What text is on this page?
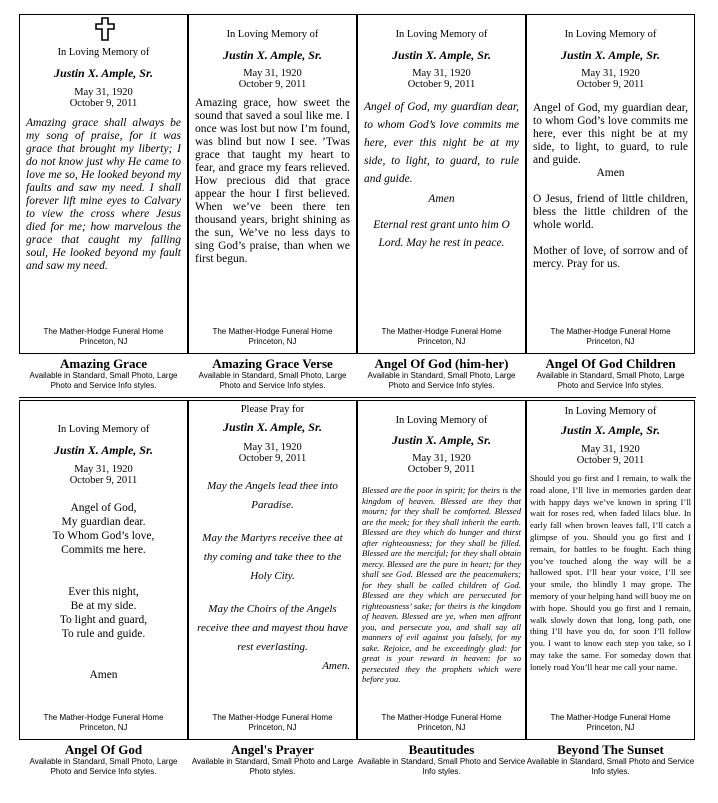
In Loving Memory of
Justin X. Ample, Sr.
May 31, 1920
October 9, 2011

Amazing grace shall always be my song of praise, for it was grace that brought my liberty; I do not know just why He came to love me so, He looked beyond my faults and saw my need. I shall forever lift mine eyes to Calvary to view the cross where Jesus died for me; how marvelous the grace that caught my falling soul, He looked beyond my fault and saw my need.

The Mather-Hodge Funeral Home
Princeton, NJ
In Loving Memory of
Justin X. Ample, Sr.
May 31, 1920
October 9, 2011

Amazing grace, how sweet the sound that saved a soul like me. I once was lost but now I’m found, was blind but now I see. ’Twas grace that taught my heart to fear, and grace my fears relieved. How precious did that grace appear the hour I first believed. When we’ve been there ten thousand years, bright shining as the sun, We’ve no less days to sing God’s praise, than when we first begun.

The Mather-Hodge Funeral Home
Princeton, NJ
In Loving Memory of
Justin X. Ample, Sr.
May 31, 1920
October 9, 2011

Angel of God, my guardian dear, to whom God’s love commits me here, ever this night be at my side, to light, to guard, to rule and guide.

Amen

Eternal rest grant unto him O Lord. May he rest in peace.

The Mather-Hodge Funeral Home
Princeton, NJ
In Loving Memory of
Justin X. Ample, Sr.
May 31, 1920
October 9, 2011

Angel of God, my guardian dear, to whom God’s love commits me here, ever this night be at my side, to light, to guard, to rule and guide.

Amen

O Jesus, friend of little children, bless the little children of the whole world.

Mother of love, of sorrow and of mercy. Pray for us.

The Mather-Hodge Funeral Home
Princeton, NJ
Amazing Grace
Available in Standard, Small Photo, Large Photo and Service Info styles.
Amazing Grace Verse
Available in Standard, Small Photo, Large Photo and Service Info styles.
Angel Of God (him-her)
Available in Standard, Small Photo, Large Photo and Service Info styles.
Angel Of God Children
Available in Standard, Small Photo, Large Photo and Service Info styles.
In Loving Memory of
Justin X. Ample, Sr.
May 31, 1920
October 9, 2011

Angel of God,

My guardian dear.

To Whom God’s love,

Commits me here.

Ever this night,

Be at my side.

To light and guard,

To rule and guide.

Amen

The Mather-Hodge Funeral Home
Princeton, NJ
Please Pray for
Justin X. Ample, Sr.
May 31, 1920
October 9, 2011

May the Angels lead thee into Paradise.

May the Martyrs receive thee at thy coming and take thee to the Holy City.

May the Choirs of the Angels receive thee and mayest thou have rest everlasting.

Amen.

The Mather-Hodge Funeral Home
Princeton, NJ
In Loving Memory of
Justin X. Ample, Sr.
May 31, 1920
October 9, 2011

Blessed are the poor in spirit; for theirs is the kingdom of heaven. Blessed are they that mourn; for they shall be comforted. Blessed are the meek; for they shall inherit the earth. Blessed are they which do hunger and thirst after righteousness; for they shall be filled. Blessed are the merciful; for they shall obtain mercy. Blessed are the pure in heart; for they shall see God. Blessed are the peacemakers; for they shall be called children of God. Blessed are they which are persecuted for righteousness’ sake; for theirs is the kingdom of heaven. Blessed are ye, when men affront you, and persecute you, and shall say all manners of evil against you falsely, for my sake. Rejoice, and be exceedingly glad: for great is your reward in heaven: for so persecuted they the prophets which were before you.

The Mather-Hodge Funeral Home
Princeton, NJ
In Loving Memory of
Justin X. Ample, Sr.
May 31, 1920
October 9, 2011

Should you go first and I remain, to walk the road alone, I’ll live in memories garden dear with happy days we’ve known in spring I’ll wait for roses red, when faded lilacs blue. In early fall when brown leaves fall, I’ll catch a glimpse of you. Should you go first and I remain, for battles to be fought. Each thing you’ve touched along the way will be a hallowed spot. I’ll hear your voice, I’ll see your smile, tho blindly I may grope. The memory of your helping hand will buoy me on with hope. Should you go first and I remain, walk slowly down that long, long path, one thing I’ll have you do, for soon I’ll follow you. I want to know each step you take, so I may take the same. For someday down that lonely road You’ll hear me call your name.

The Mather-Hodge Funeral Home
Princeton, NJ
Angel Of God
Available in Standard, Small Photo, Large Photo and Service Info styles.
Angel's Prayer
Available in Standard, Small Photo and Large Photo styles.
Beautitudes
Available in Standard, Small Photo and Service Info styles.
Beyond The Sunset
Available in Standard, Small Photo and Service Info styles.
